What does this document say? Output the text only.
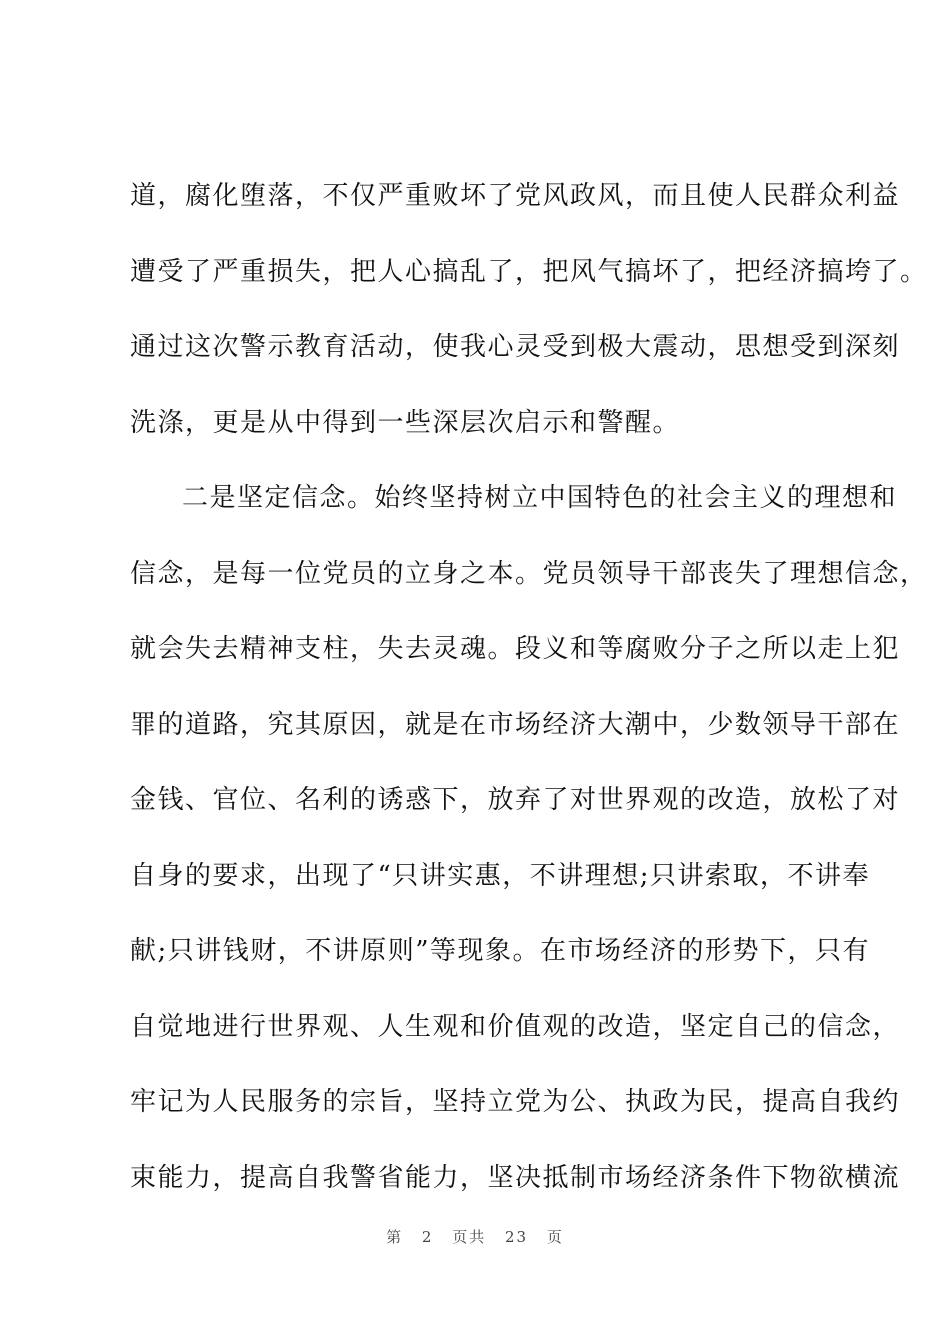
道，腐化堕落，不仅严重败坏了党风政风，而且使人民群众利益
遭受了严重损失，把人心搞乱了，把风气搞坏了，把经济搞垮了。
通过这次警示教育活动，使我心灵受到极大震动，思想受到深刻
洗涤，更是从中得到一些深层次启示和警醒。
二是坚定信念。始终坚持树立中国特色的社会主义的理想和
信念，是每一位党员的立身之本。党员领导干部丧失了理想信念，
就会失去精神支柱，失去灵魂。段义和等腐败分子之所以走上犯
罪的道路，究其原因，就是在市场经济大潮中，少数领导干部在
金钱、官位、名利的诱惑下，放弃了对世界观的改造，放松了对
自身的要求，出现了“只讲实惠，不讲理想;只讲索取，不讲奉
献;只讲钱财，不讲原则”等现象。在市场经济的形势下，只有
自觉地进行世界观、人生观和价值观的改造，坚定自己的信念，
牢记为人民服务的宗旨，坚持立党为公、执政为民，提高自我约
束能力，提高自我警省能力，坚决抵制市场经济条件下物欲横流
第 2 页共 23 页
